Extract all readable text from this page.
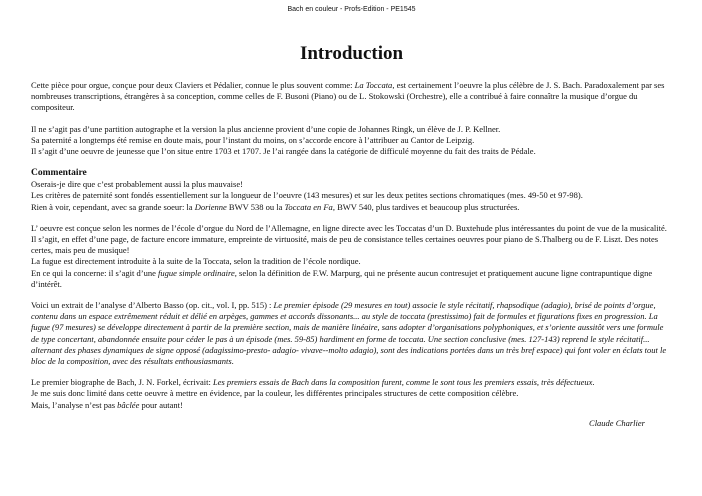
Bach en couleur - Profs-Edition - PE1545
Introduction

Cette pièce pour orgue, conçue pour deux Claviers et Pédalier, connue le plus souvent comme: La Toccata, est certainement l’oeuvre la plus célèbre de J. S. Bach. Paradoxalement par ses nombreuses transcriptions, étrangères à sa conception, comme celles de F. Busoni (Piano) ou de L. Stokowski (Orchestre), elle a contribué à faire connaître la musique d’orgue du compositeur.

Il ne s’agit pas d’une partition autographe et la version la plus ancienne provient d’une copie de Johannes Ringk, un élève de J. P. Kellner.
Sa paternité a longtemps été remise en doute mais, pour l’instant du moins, on s’accorde encore à l’attribuer au Cantor de Leipzig.
Il s’agit d’une oeuvre de jeunesse que l’on situe entre 1703 et 1707. Je l’ai rangée dans la catégorie de difficulé moyenne du fait des traits de Pédale.

Commentaire

Oserais-je dire que c’est probablement aussi la plus mauvaise!
Les critères de paternité sont fondés essentiellement sur la longueur de l’oeuvre (143 mesures) et sur les deux petites sections chromatiques (mes. 49-50 et 97-98).
Rien à voir, cependant, avec sa grande soeur: la Dorienne BWV 538 ou la Toccata en Fa, BWV 540, plus tardives et beaucoup plus structurées.

L’ oeuvre est conçue selon les normes de l’école d’orgue du Nord de l’Allemagne, en ligne directe avec les Toccatas d’un D. Buxtehude plus intéressantes du point de vue de la musicalité. Il s’agit, en effet d’une page, de facture encore immature, empreinte de virtuosité, mais de peu de consistance telles certaines oeuvres pour piano de S.Thalberg ou de F. Liszt. Des notes certes, mais peu de musique!
La fugue est directement introduite à la suite de la Toccata, selon la tradition de l’école nordique.
En ce qui la concerne: il s’agit d’une fugue simple ordinaire, selon la définition de F.W. Marpurg, qui ne présente aucun contresujet et pratiquement aucune ligne contrapuntique digne d’intérêt.

Voici un extrait de l’analyse d’Alberto Basso (op. cit., vol. I, pp. 515) : Le premier épisode (29 mesures en tout) associe le style récitatif, rhapsodique (adagio), brisé de points d’orgue, contenu dans un espace extrêmement réduit et délié en arpèges, gammes et accords dissonants... au style de toccata (prestissimo) fait de formules et figurations fixes en progression. La fugue (97 mesures) se développe directement à partir de la première section, mais de manière linéaire, sans adopter d’organisations polyphoniques, et s’oriente aussitôt vers une formule de type concertant, abandonnée ensuite pour céder le pas à un épisode (mes. 59-85) hardiment en forme de toccata. Une section conclusive (mes. 127-143) reprend le style récitatif... alternant des phases dynamiques de signe opposé (adagissimo-presto- adagio- vivave--molto adagio), sont des indications portées dans un très bref espace) qui font voler en éclats tout le bloc de la composition, avec des résultats enthousiasmants.

Le premier biographe de Bach, J. N. Forkel, écrivait: Les premiers essais de Bach dans la composition furent, comme le sont tous les premiers essais, très défectueux.
Je me suis donc limité dans cette oeuvre à mettre en évidence, par la couleur, les différentes principales structures de cette composition célèbre.
Mais, l’analyse n’est pas bâclée pour autant!

Claude Charlier
